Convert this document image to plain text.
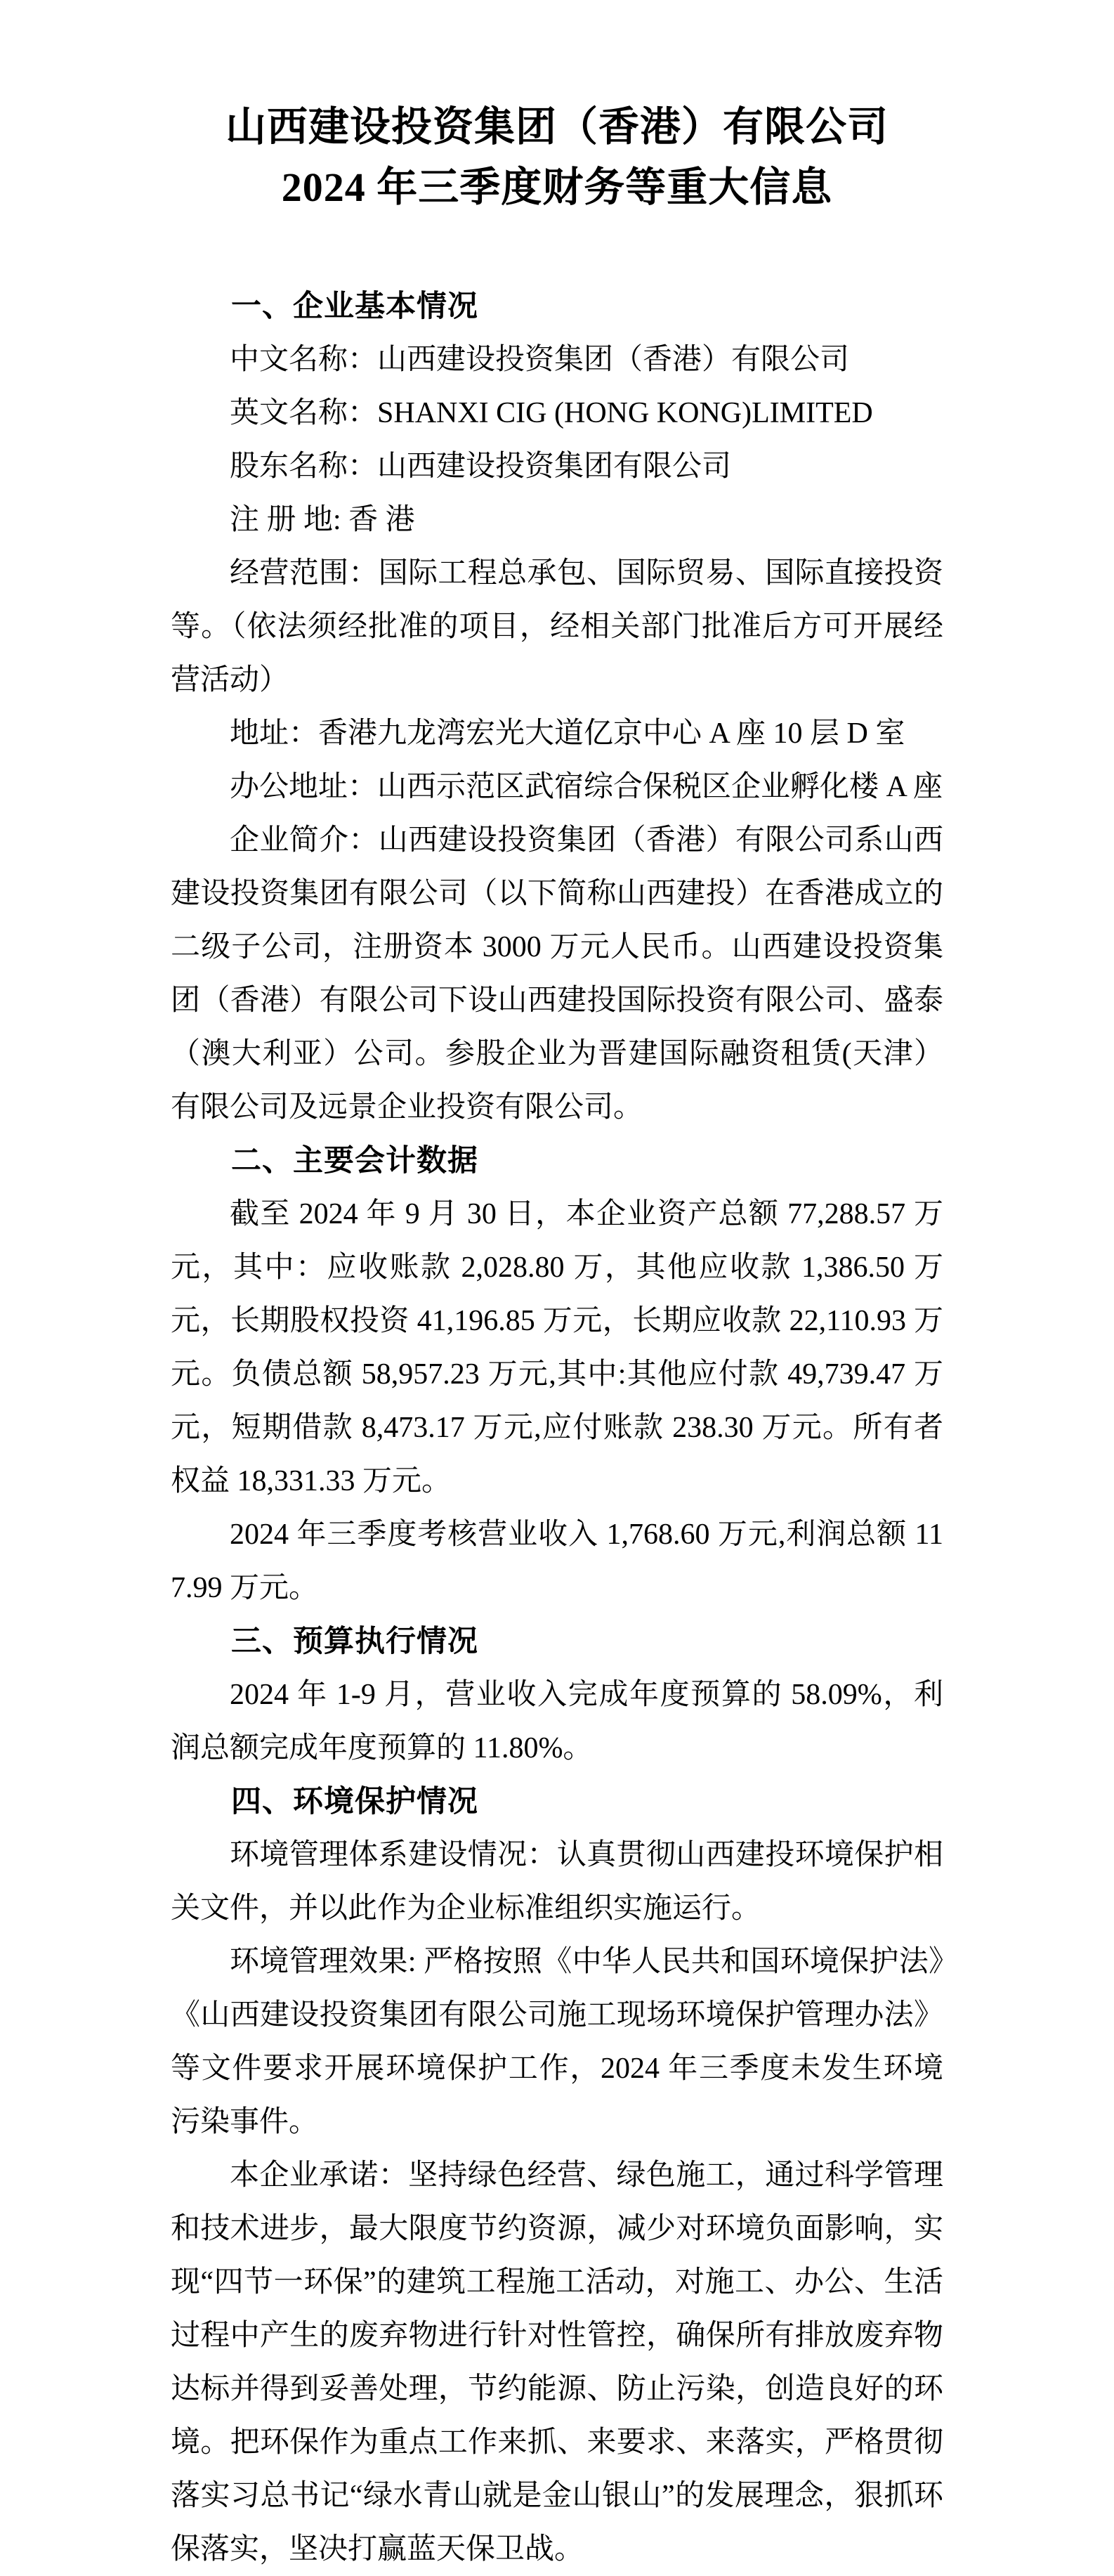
山西建设投资集团（香港）有限公司
2024 年三季度财务等重大信息
一、企业基本情况

中文名称：山西建设投资集团（香港）有限公司

英文名称：SHANXI CIG (HONG KONG)LIMITED

股东名称：山西建设投资集团有限公司

注 册 地: 香 港

经营范围：国际工程总承包、国际贸易、国际直接投资等。（依法须经批准的项目，经相关部门批准后方可开展经营活动）

地址：香港九龙湾宏光大道亿京中心 A 座 10 层 D 室

办公地址：山西示范区武宿综合保税区企业孵化楼 A 座

企业简介：山西建设投资集团（香港）有限公司系山西建设投资集团有限公司（以下简称山西建投）在香港成立的二级子公司，注册资本 3000 万元人民币。山西建设投资集团（香港）有限公司下设山西建投国际投资有限公司、盛泰（澳大利亚）公司。参股企业为晋建国际融资租赁(天津）有限公司及远景企业投资有限公司。

二、主要会计数据

截至 2024 年 9 月 30 日，本企业资产总额 77,288.57 万元，其中：应收账款 2,028.80 万，其他应收款 1,386.50 万元，长期股权投资 41,196.85 万元，长期应收款 22,110.93 万元。负债总额 58,957.23 万元,其中:其他应付款 49,739.47 万元，短期借款 8,473.17 万元,应付账款 238.30 万元。所有者权益 18,331.33 万元。

2024 年三季度考核营业收入 1,768.60 万元,利润总额 117.99 万元。

三、预算执行情况

2024 年 1-9 月，营业收入完成年度预算的 58.09%，利润总额完成年度预算的 11.80%。

四、环境保护情况

环境管理体系建设情况：认真贯彻山西建投环境保护相关文件，并以此作为企业标准组织实施运行。

环境管理效果: 严格按照《中华人民共和国环境保护法》《山西建设投资集团有限公司施工现场环境保护管理办法》等文件要求开展环境保护工作，2024 年三季度未发生环境污染事件。

本企业承诺：坚持绿色经营、绿色施工，通过科学管理和技术进步，最大限度节约资源，减少对环境负面影响，实现“四节一环保”的建筑工程施工活动，对施工、办公、生活过程中产生的废弃物进行针对性管控，确保所有排放废弃物达标并得到妥善处理，节约能源、防止污染，创造良好的环境。把环保作为重点工作来抓、来要求、来落实，严格贯彻落实习总书记“绿水青山就是金山银山”的发展理念，狠抓环保落实，坚决打赢蓝天保卫战。
